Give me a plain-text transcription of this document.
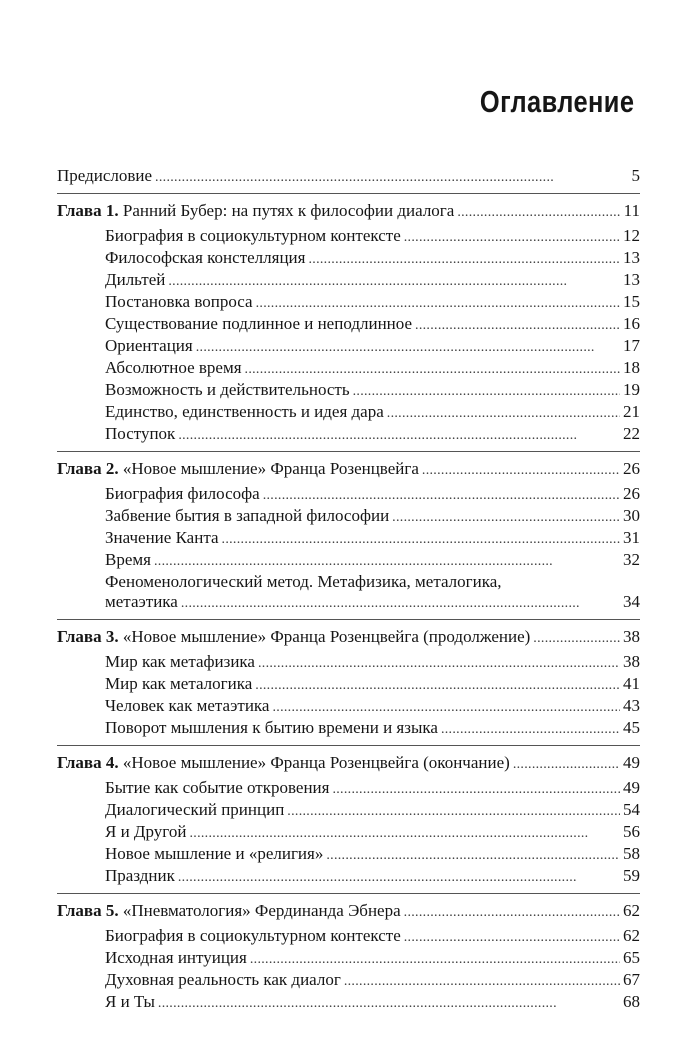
Оглавление
Предисловие . . .	5
Глава 1. Ранний Бубер: на путях к философии диалога . . .	11
Биография в социокультурном контексте . . .	12
Философская констелляция . . .	13
Дильтей . . .	13
Постановка вопроса . . .	15
Существование подлинное и неподлинное . . .	16
Ориентация . . .	17
Абсолютное время . . .	18
Возможность и действительность . . .	19
Единство, единственность и идея дара . . .	21
Поступок . . .	22
Глава 2. «Новое мышление» Франца Розенцвейга . . .	26
Биография философа . . .	26
Забвение бытия в западной философии . . .	30
Значение Канта . . .	31
Время . . .	32
Феноменологический метод. Метафизика, металогика,
метаэтика . . .	34
Глава 3. «Новое мышление» Франца Розенцвейга (продолжение) . . .	38
Мир как метафизика . . .	38
Мир как металогика . . .	41
Человек как метаэтика . . .	43
Поворот мышления к бытию времени и языка . . .	45
Глава 4. «Новое мышление» Франца Розенцвейга (окончание) . . .	49
Бытие как событие откровения . . .	49
Диалогический принцип . . .	54
Я и Другой . . .	56
Новое мышление и «религия» . . .	58
Праздник . . .	59
Глава 5. «Пневматология» Фердинанда Эбнера . . .	62
Биография в социокультурном контексте . . .	62
Исходная интуиция . . .	65
Духовная реальность как диалог . . .	67
Я и Ты . . .	68
